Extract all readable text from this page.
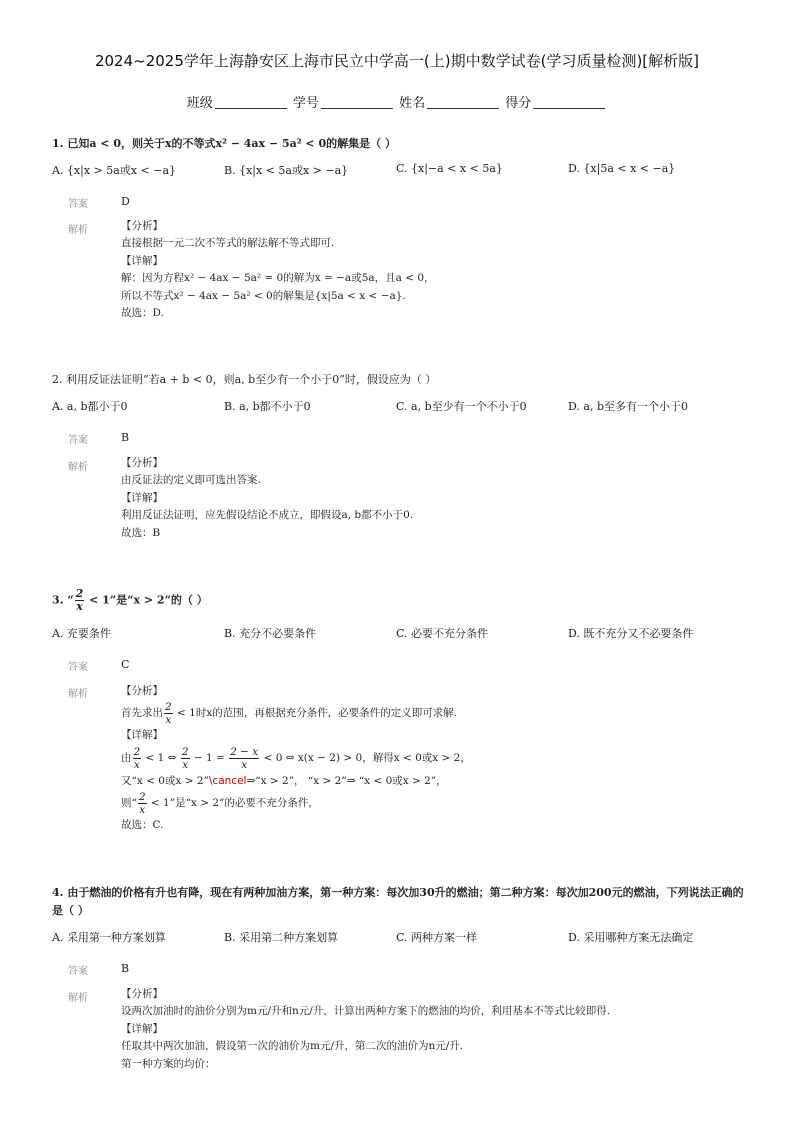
2024~2025学年上海静安区上海市民立中学高一(上)期中数学试卷(学习质量检测)[解析版]
班级	学号	姓名	得分
1. 已知a < 0，则关于x的不等式x² − 4ax − 5a² < 0的解集是（ ）
A. {x|x > 5a或x < −a}	B. {x|x < 5a或x > −a}	C. {x|−a < x < 5a}	D. {x|5a < x < −a}
答案	D
解析	【分析】
直接根据一元二次不等式的解法解不等式即可.
【详解】
解：因为方程x² − 4ax − 5a² = 0的解为x = −a或5a，且a < 0，
所以不等式x² − 4ax − 5a² < 0的解集是{x|5a < x < −a}.
故选：D.
2. 利用反证法证明“若a + b < 0，则a, b至少有一个小于0”时，假设应为（ ）
A. a, b都小于0	B. a, b都不小于0	C. a, b至少有一个不小于0	D. a, b至多有一个小于0
答案	B
解析	【分析】
由反证法的定义即可选出答案.
【详解】
利用反证法证明，应先假设结论不成立，即假设a, b都不小于0.
故选：B
3. “ $\frac{2}{x} < 1$”是“x > 2”的（ ）
A. 充要条件	B. 充分不必要条件	C. 必要不充分条件	D. 既不充分又不必要条件
答案	C
解析	【分析】
首先求出 $\frac{2}{x} < 1$时x的范围，再根据充分条件，必要条件的定义即可求解.
【详解】
由 $\frac{2}{x} < 1$ ⇔ $\frac{2}{x} - 1 = \frac{2 - x}{x} < 0$ ⇔ x(x − 2) > 0，解得x < 0或x > 2，
又“x < 0或x > 2”\cancel⇒“x > 2”， “x > 2”⇒ “x < 0或x > 2”，
则“ $\frac{2}{x} < 1$”是“x > 2”的必要不充分条件，
故选：C.
4. 由于燃油的价格有升也有降，现在有两种加油方案，第一种方案：每次加30升的燃油；第二种方案：每次加200元的燃油，下列说法正确的是（ ）
A. 采用第一种方案划算	B. 采用第二种方案划算	C. 两种方案一样	D. 采用哪种方案无法确定
答案	B
解析	【分析】
设两次加油时的油价分别为m元/升和n元/升，计算出两种方案下的燃油的均价，利用基本不等式比较即得.
【详解】
任取其中两次加油，假设第一次的油价为m元/升，第二次的油价为n元/升.
第一种方案的均价：
